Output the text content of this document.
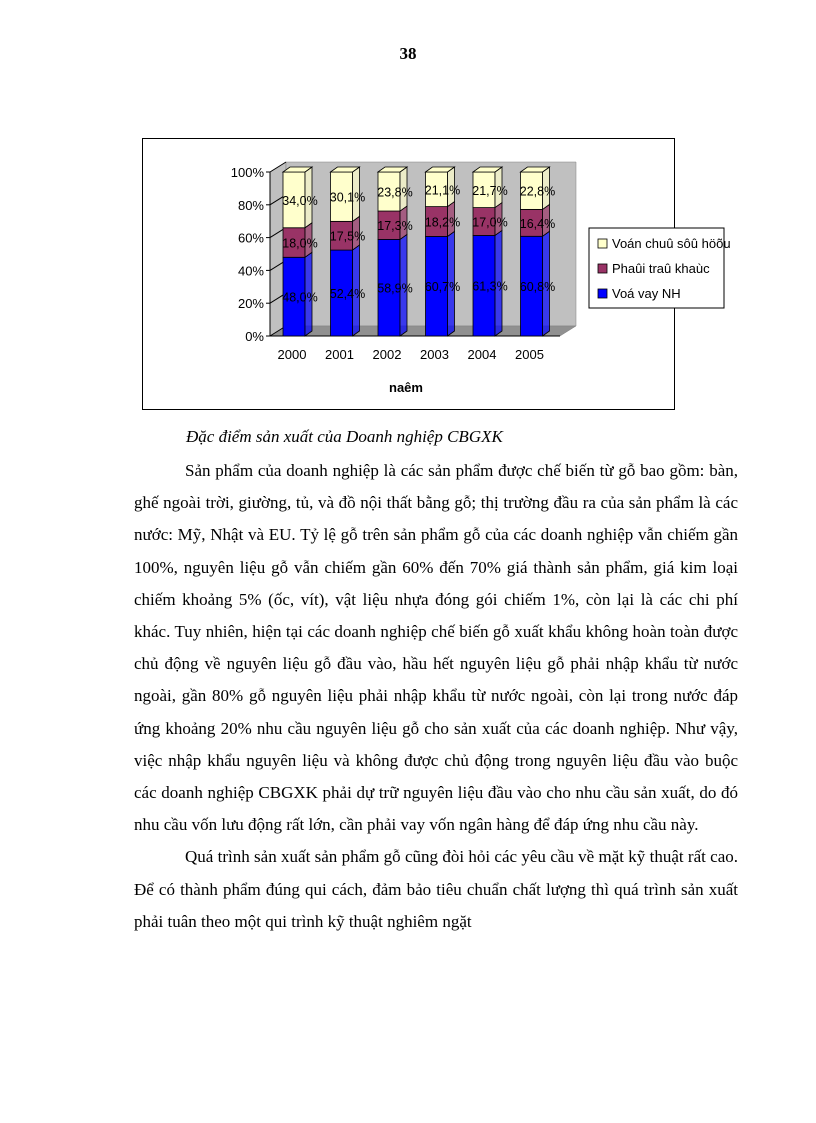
38
0%
20%
40%
60%
80%
100%
48,0%
18,0%
34,0%
2000
52,4%
17,5%
30,1%
2001
58,9%
17,3%
23,8%
2002
60,7%
18,2%
21,1%
2003
61,3%
17,0%
21,7%
2004
60,8%
16,4%
22,8%
2005
naêm
Voán chuû sôû höõu
Phaûi traû khaùc
Voá vay NH
Đặc điểm sản xuất của Doanh nghiệp CBGXK

Sản phẩm của doanh nghiệp là các sản phẩm được chế biến từ gỗ bao gồm: bàn, ghế ngoài trời, giường, tủ, và đồ nội thất bằng gỗ; thị trường đầu ra của sản phẩm là các nước: Mỹ, Nhật và EU. Tỷ lệ gỗ trên sản phẩm gỗ của các doanh nghiệp vẫn chiếm gần 100%, nguyên liệu gỗ vẫn chiếm gần 60% đến 70% giá thành sản phẩm, giá kim loại chiếm khoảng 5% (ốc, vít), vật liệu nhựa đóng gói chiếm 1%, còn lại là các chi phí khác. Tuy nhiên, hiện tại các doanh nghiệp chế biến gỗ xuất khẩu không hoàn toàn được chủ động về nguyên liệu gỗ đầu vào, hầu hết nguyên liệu gỗ phải nhập khẩu từ nước ngoài, gần 80% gỗ nguyên liệu phải nhập khẩu từ nước ngoài, còn lại trong nước đáp ứng khoảng 20% nhu cầu nguyên liệu gỗ cho sản xuất của các doanh nghiệp. Như vậy, việc nhập khẩu nguyên liệu và không được chủ động trong nguyên liệu đầu vào buộc các doanh nghiệp CBGXK phải dự trữ nguyên liệu đầu vào cho nhu cầu sản xuất, do đó nhu cầu vốn lưu động rất lớn, cần phải vay vốn ngân hàng để đáp ứng nhu cầu này.

Quá trình sản xuất sản phẩm gỗ cũng đòi hỏi các yêu cầu về mặt kỹ thuật rất cao. Để có thành phẩm đúng qui cách, đảm bảo tiêu chuẩn chất lượng thì quá trình sản xuất phải tuân theo một qui trình kỹ thuật nghiêm ngặt
